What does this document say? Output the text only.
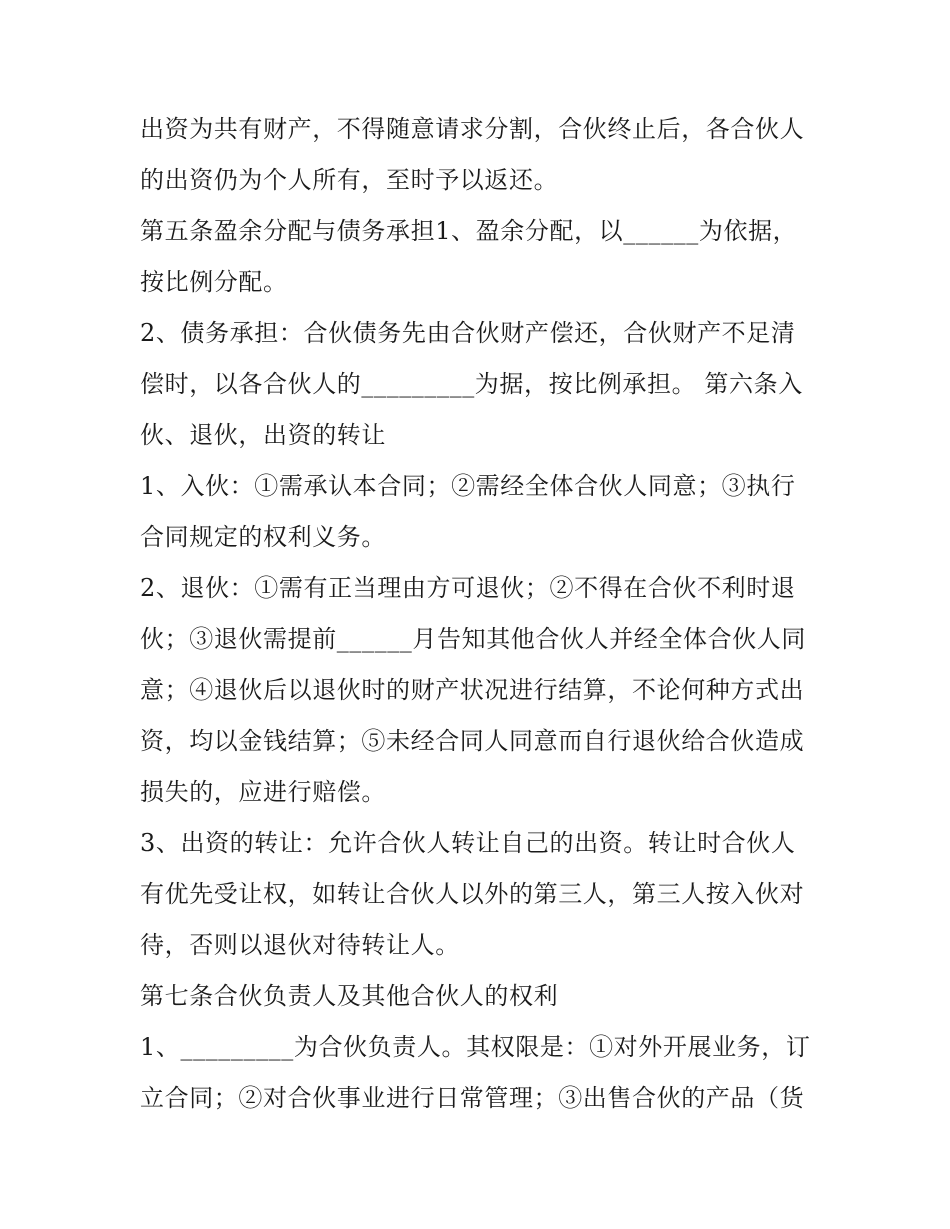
出资为共有财产，不得随意请求分割，合伙终止后，各合伙人
的出资仍为个人所有，至时予以返还。
第五条盈余分配与债务承担1、盈余分配，以______为依据，
按比例分配。
2、债务承担：合伙债务先由合伙财产偿还，合伙财产不足清
偿时，以各合伙人的_________为据，按比例承担。 第六条入
伙、退伙，出资的转让
1、入伙：①需承认本合同；②需经全体合伙人同意；③执行
合同规定的权利义务。
2、退伙：①需有正当理由方可退伙；②不得在合伙不利时退
伙；③退伙需提前______月告知其他合伙人并经全体合伙人同
意；④退伙后以退伙时的财产状况进行结算，不论何种方式出
资，均以金钱结算；⑤未经合同人同意而自行退伙给合伙造成
损失的，应进行赔偿。
3、出资的转让：允许合伙人转让自己的出资。转让时合伙人
有优先受让权，如转让合伙人以外的第三人，第三人按入伙对
待，否则以退伙对待转让人。
第七条合伙负责人及其他合伙人的权利
1、_________为合伙负责人。其权限是：①对外开展业务，订
立合同；②对合伙事业进行日常管理；③出售合伙的产品（货
